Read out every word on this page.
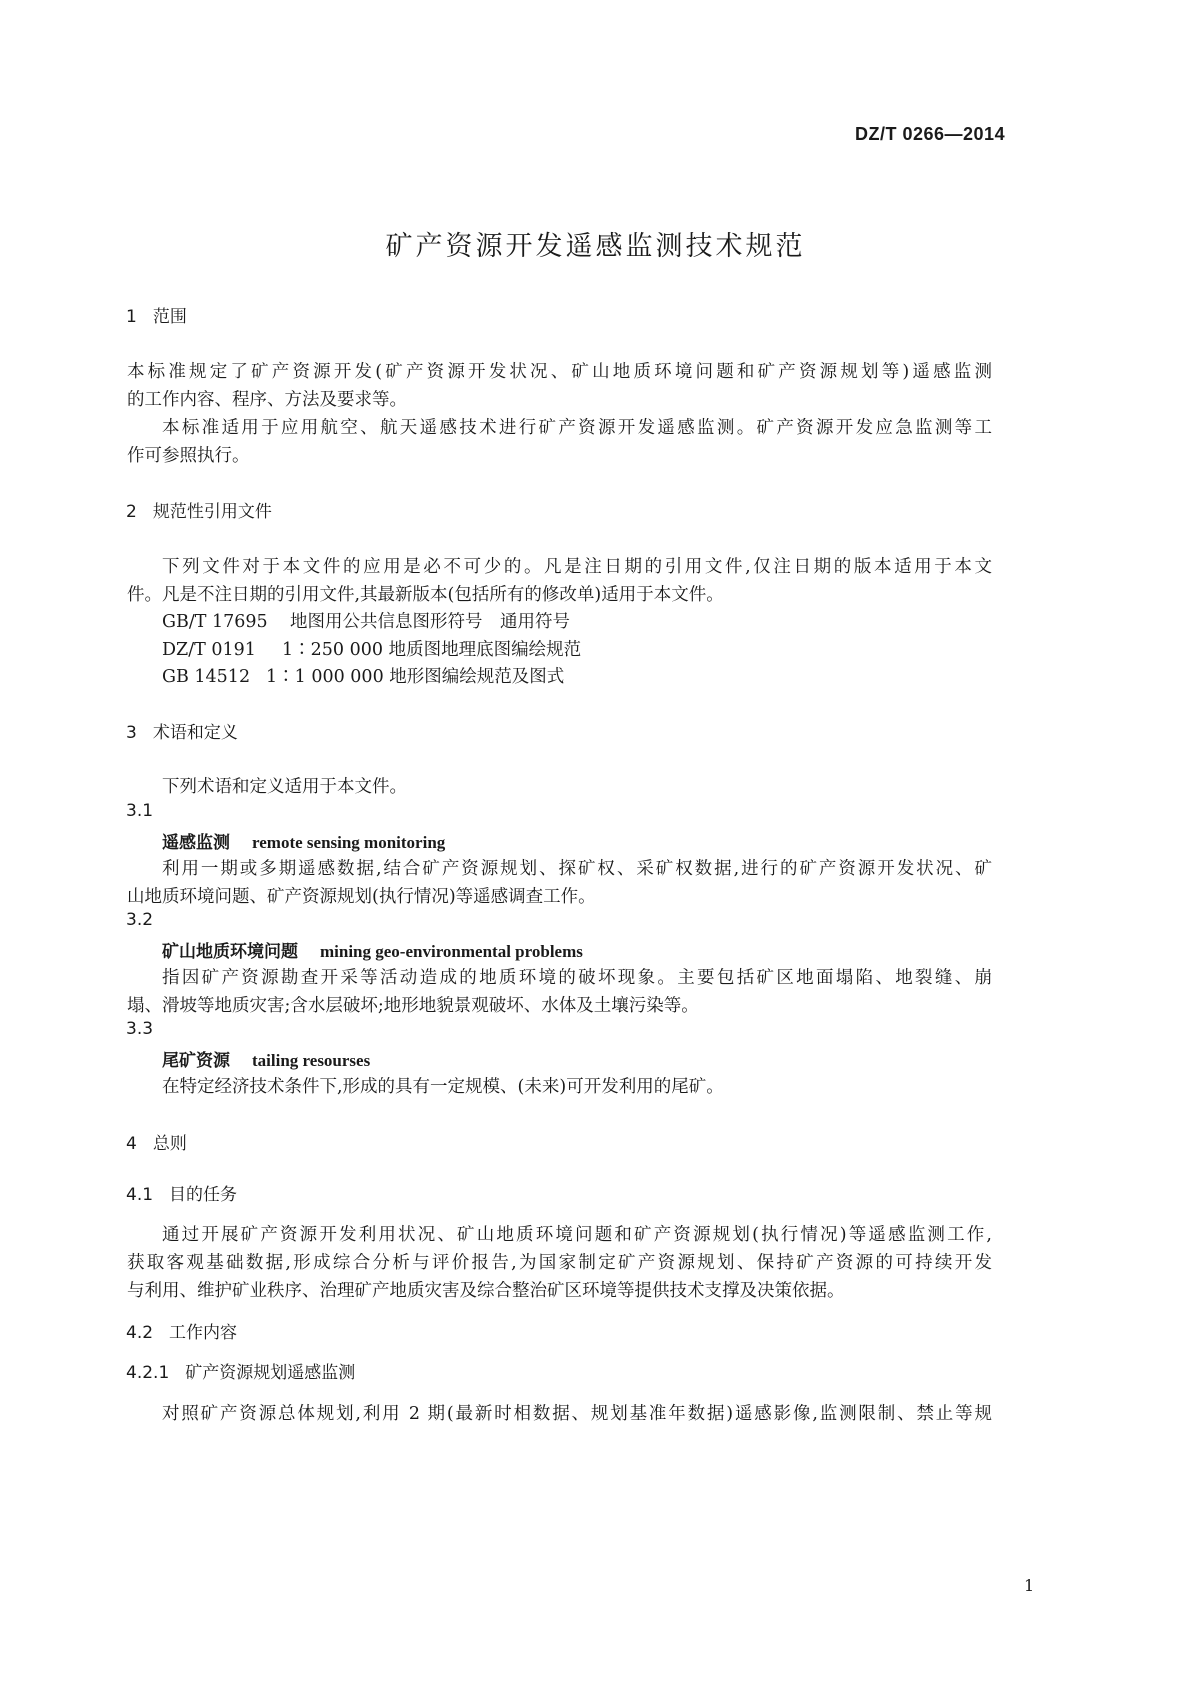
DZ/T 0266—2014
矿产资源开发遥感监测技术规范
1 范围
本标准规定了矿产资源开发(矿产资源开发状况、矿山地质环境问题和矿产资源规划等)遥感监测
的工作内容、程序、方法及要求等。
本标准适用于应用航空、航天遥感技术进行矿产资源开发遥感监测。矿产资源开发应急监测等工
作可参照执行。
2 规范性引用文件
下列文件对于本文件的应用是必不可少的。凡是注日期的引用文件,仅注日期的版本适用于本文
件。凡是不注日期的引用文件,其最新版本(包括所有的修改单)适用于本文件。
GB/T 17695 地图用公共信息图形符号　通用符号
DZ/T 0191 1∶250 000 地质图地理底图编绘规范
GB 14512 1∶1 000 000 地形图编绘规范及图式
3 术语和定义
下列术语和定义适用于本文件。
3.1
遥感监测 remote sensing monitoring
利用一期或多期遥感数据,结合矿产资源规划、探矿权、采矿权数据,进行的矿产资源开发状况、矿
山地质环境问题、矿产资源规划(执行情况)等遥感调查工作。
3.2
矿山地质环境问题 mining geo-environmental problems
指因矿产资源勘查开采等活动造成的地质环境的破坏现象。主要包括矿区地面塌陷、地裂缝、崩
塌、滑坡等地质灾害;含水层破坏;地形地貌景观破坏、水体及土壤污染等。
3.3
尾矿资源 tailing resourses
在特定经济技术条件下,形成的具有一定规模、(未来)可开发利用的尾矿。
4 总则
4.1 目的任务
通过开展矿产资源开发利用状况、矿山地质环境问题和矿产资源规划(执行情况)等遥感监测工作,
获取客观基础数据,形成综合分析与评价报告,为国家制定矿产资源规划、保持矿产资源的可持续开发
与利用、维护矿业秩序、治理矿产地质灾害及综合整治矿区环境等提供技术支撑及决策依据。
4.2 工作内容
4.2.1 矿产资源规划遥感监测
对照矿产资源总体规划,利用 2 期(最新时相数据、规划基准年数据)遥感影像,监测限制、禁止等规
1
